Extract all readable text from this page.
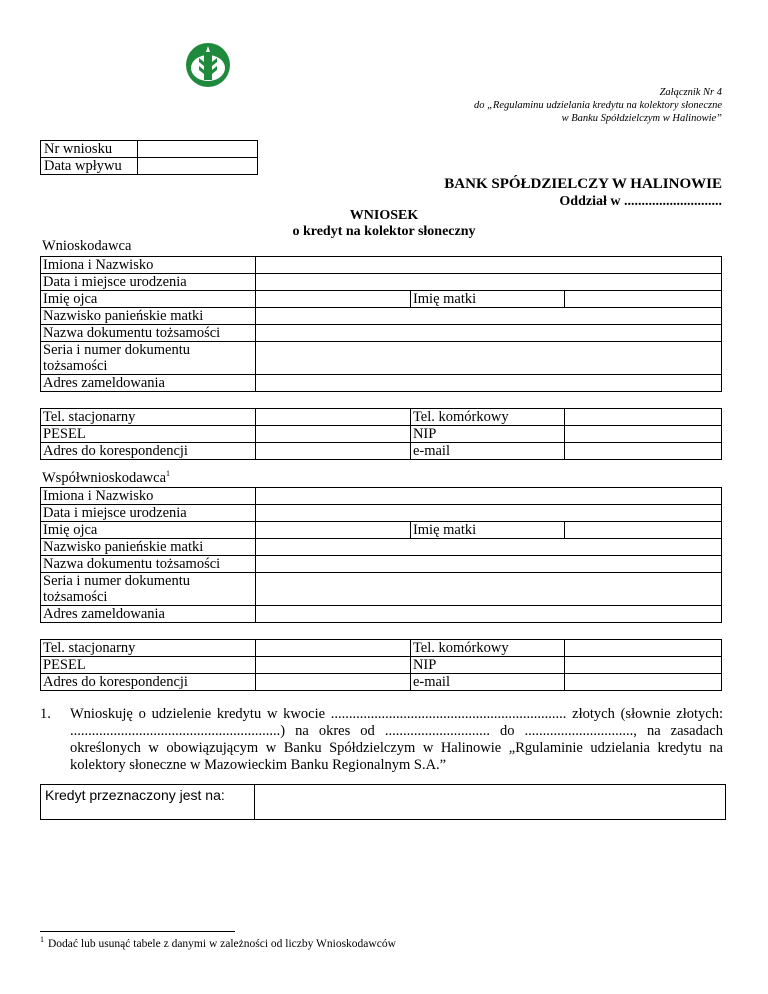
Załącznik Nr 4
do „Regulaminu udzielania kredytu na kolektory słoneczne
w Banku Spółdzielczym w Halinowie”
Nr wniosku	
Data wpływu	
BANK SPÓŁDZIELCZY W HALINOWIE
Oddział w ............................
WNIOSEK
o kredyt na kolektor słoneczny
Wnioskodawca
Imiona i Nazwisko			
Data i miejsce urodzenia			
Imię ojca		Imię matki	
Nazwisko panieńskie matki			
Nazwa dokumentu tożsamości			
Seria i numer dokumentu tożsamości			
Adres zameldowania			

Tel. stacjonarny		Tel. komórkowy	
PESEL		NIP	
Adres do korespondencji		e-mail	
Współwnioskodawca$^1$
Imiona i Nazwisko			
Data i miejsce urodzenia			
Imię ojca		Imię matki	
Nazwisko panieńskie matki			
Nazwa dokumentu tożsamości			
Seria i numer dokumentu tożsamości			
Adres zameldowania			

Tel. stacjonarny		Tel. komórkowy	
PESEL		NIP	
Adres do korespondencji		e-mail	
1. Wnioskuję o udzielenie kredytu w kwocie ................................................................. złotych (słownie złotych: ..........................................................) na okres od ............................. do .............................., na zasadach określonych w obowiązującym w Banku Spółdzielczym w Halinowie „Rgulaminie udzielania kredytu na kolektory słoneczne w Mazowieckim Banku Regionalnym S.A.”
Kredyt przeznaczony jest na:	
$^1$ Dodać lub usunąć tabele z danymi w zależności od liczby Wnioskodawców
